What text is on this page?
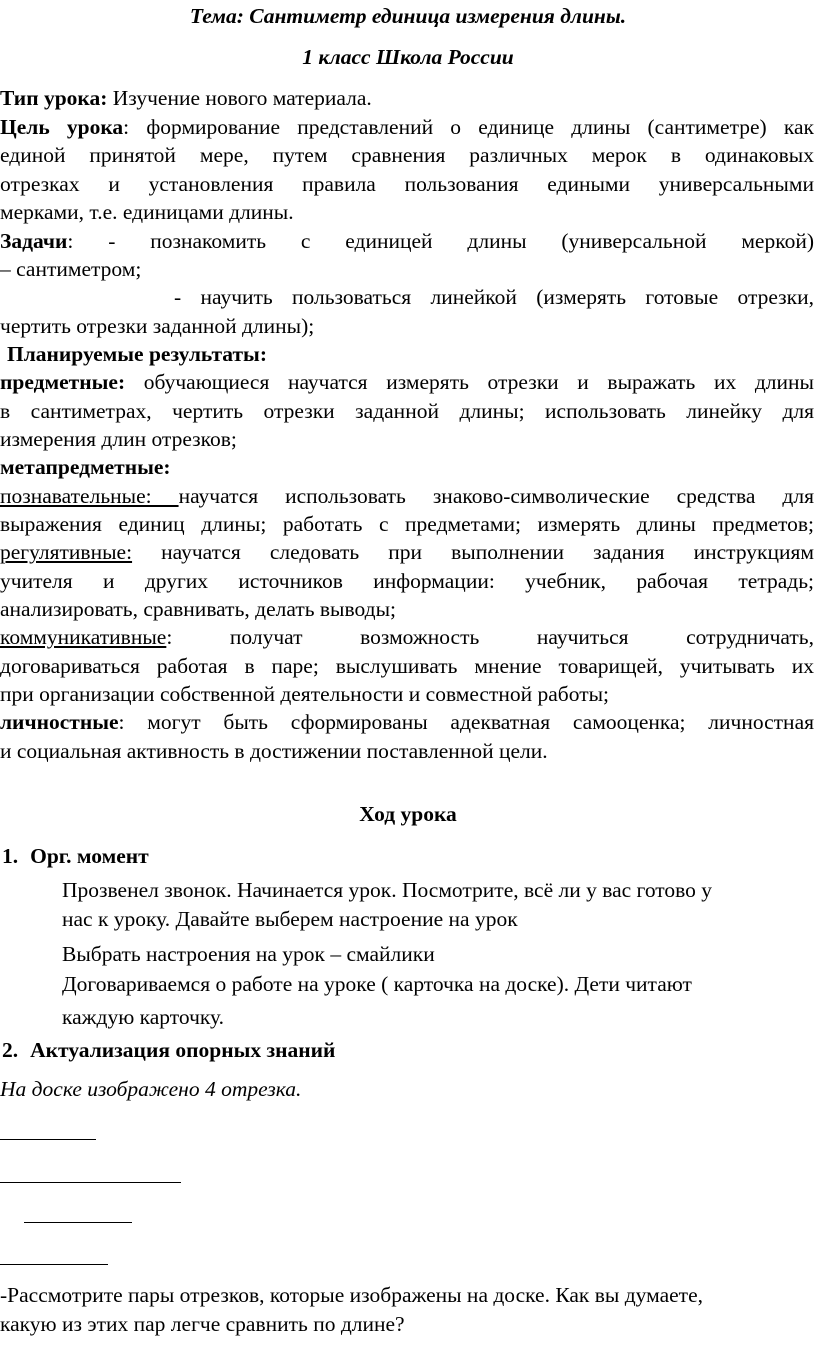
Тема: Сантиметр единица измерения длины.
1 класс Школа России
Тип урока: Изучение нового материала.
Цель урока: формирование представлений о единице длины (сантиметре) как
единой принятой мере, путем сравнения различных мерок в одинаковых
отрезках и установления правила пользования едиными универсальными
мерками, т.е. единицами длины.
Задачи: - познакомить с единицей длины (универсальной меркой)
– сантиметром;
- научить пользоваться линейкой (измерять готовые отрезки,
чертить отрезки заданной длины);
Планируемые результаты:
предметные: обучающиеся научатся измерять отрезки и выражать их длины
в сантиметрах, чертить отрезки заданной длины; использовать линейку для
измерения длин отрезков;
метапредметные:
познавательные: научатся использовать знаково-символические средства для
выражения единиц длины; работать с предметами; измерять длины предметов;
регулятивные: научатся следовать при выполнении задания инструкциям
учителя и других источников информации: учебник, рабочая тетрадь;
анализировать, сравнивать, делать выводы;
коммуникативные: получат возможность научиться сотрудничать,
договариваться работая в паре; выслушивать мнение товарищей, учитывать их
при организации собственной деятельности и совместной работы;
личностные: могут быть сформированы адекватная самооценка; личностная
и социальная активность в достижении поставленной цели.
Ход урока
1. Орг. момент
Прозвенел звонок. Начинается урок. Посмотрите, всё ли у вас готово у
нас к уроку. Давайте выберем настроение на урок
Выбрать настроения на урок – смайлики
Договариваемся о работе на уроке ( карточка на доске). Дети читают
каждую карточку.
2. Актуализация опорных знаний
На доске изображено 4 отрезка.
-Рассмотрите пары отрезков, которые изображены на доске. Как вы думаете,
какую из этих пар легче сравнить по длине?
